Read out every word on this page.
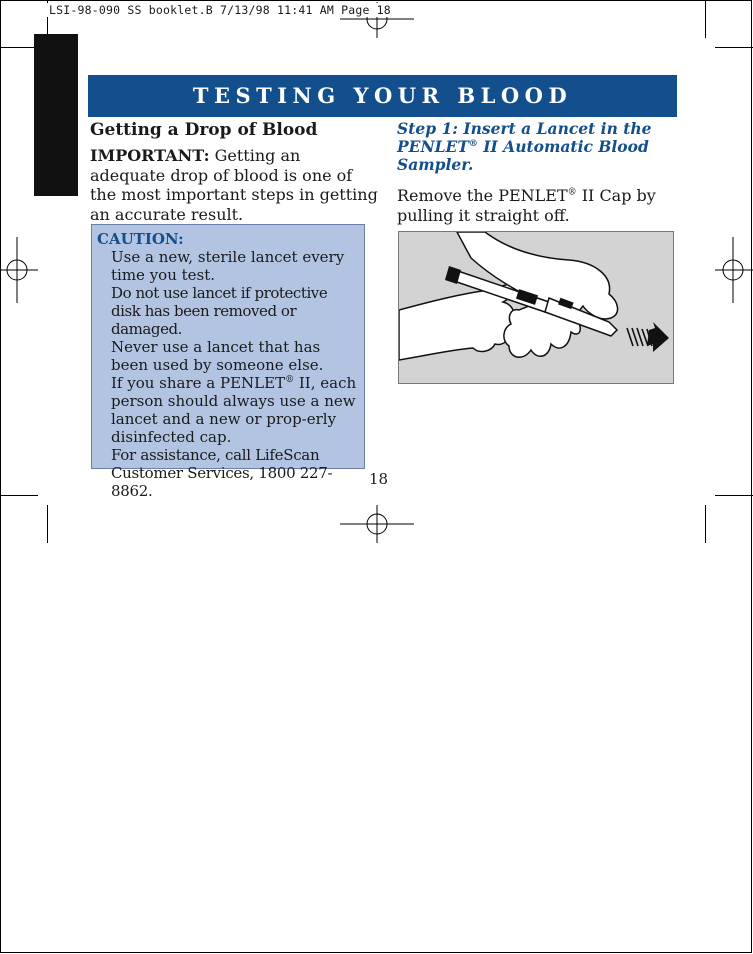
LSI-98-090 SS booklet.B 7/13/98 11:41 AM Page 18
TESTING YOUR BLOOD
Getting a Drop of Blood

IMPORTANT: Getting an adequate drop of blood is one of the most important steps in getting an accurate result.

CAUTION:
Use a new, sterile lancet every time you test.
Do not use lancet if protective disk has been removed or damaged.
Never use a lancet that has been used by someone else.
If you share a PENLET® II, each person should always use a new lancet and a new or prop-erly disinfected cap.
For assistance, call LifeScan Customer Services, 1800 227-8862.

Step 1: Insert a Lancet in the PENLET® II Automatic Blood Sampler.

Remove the PENLET® II Cap by pulling it straight off.

18
